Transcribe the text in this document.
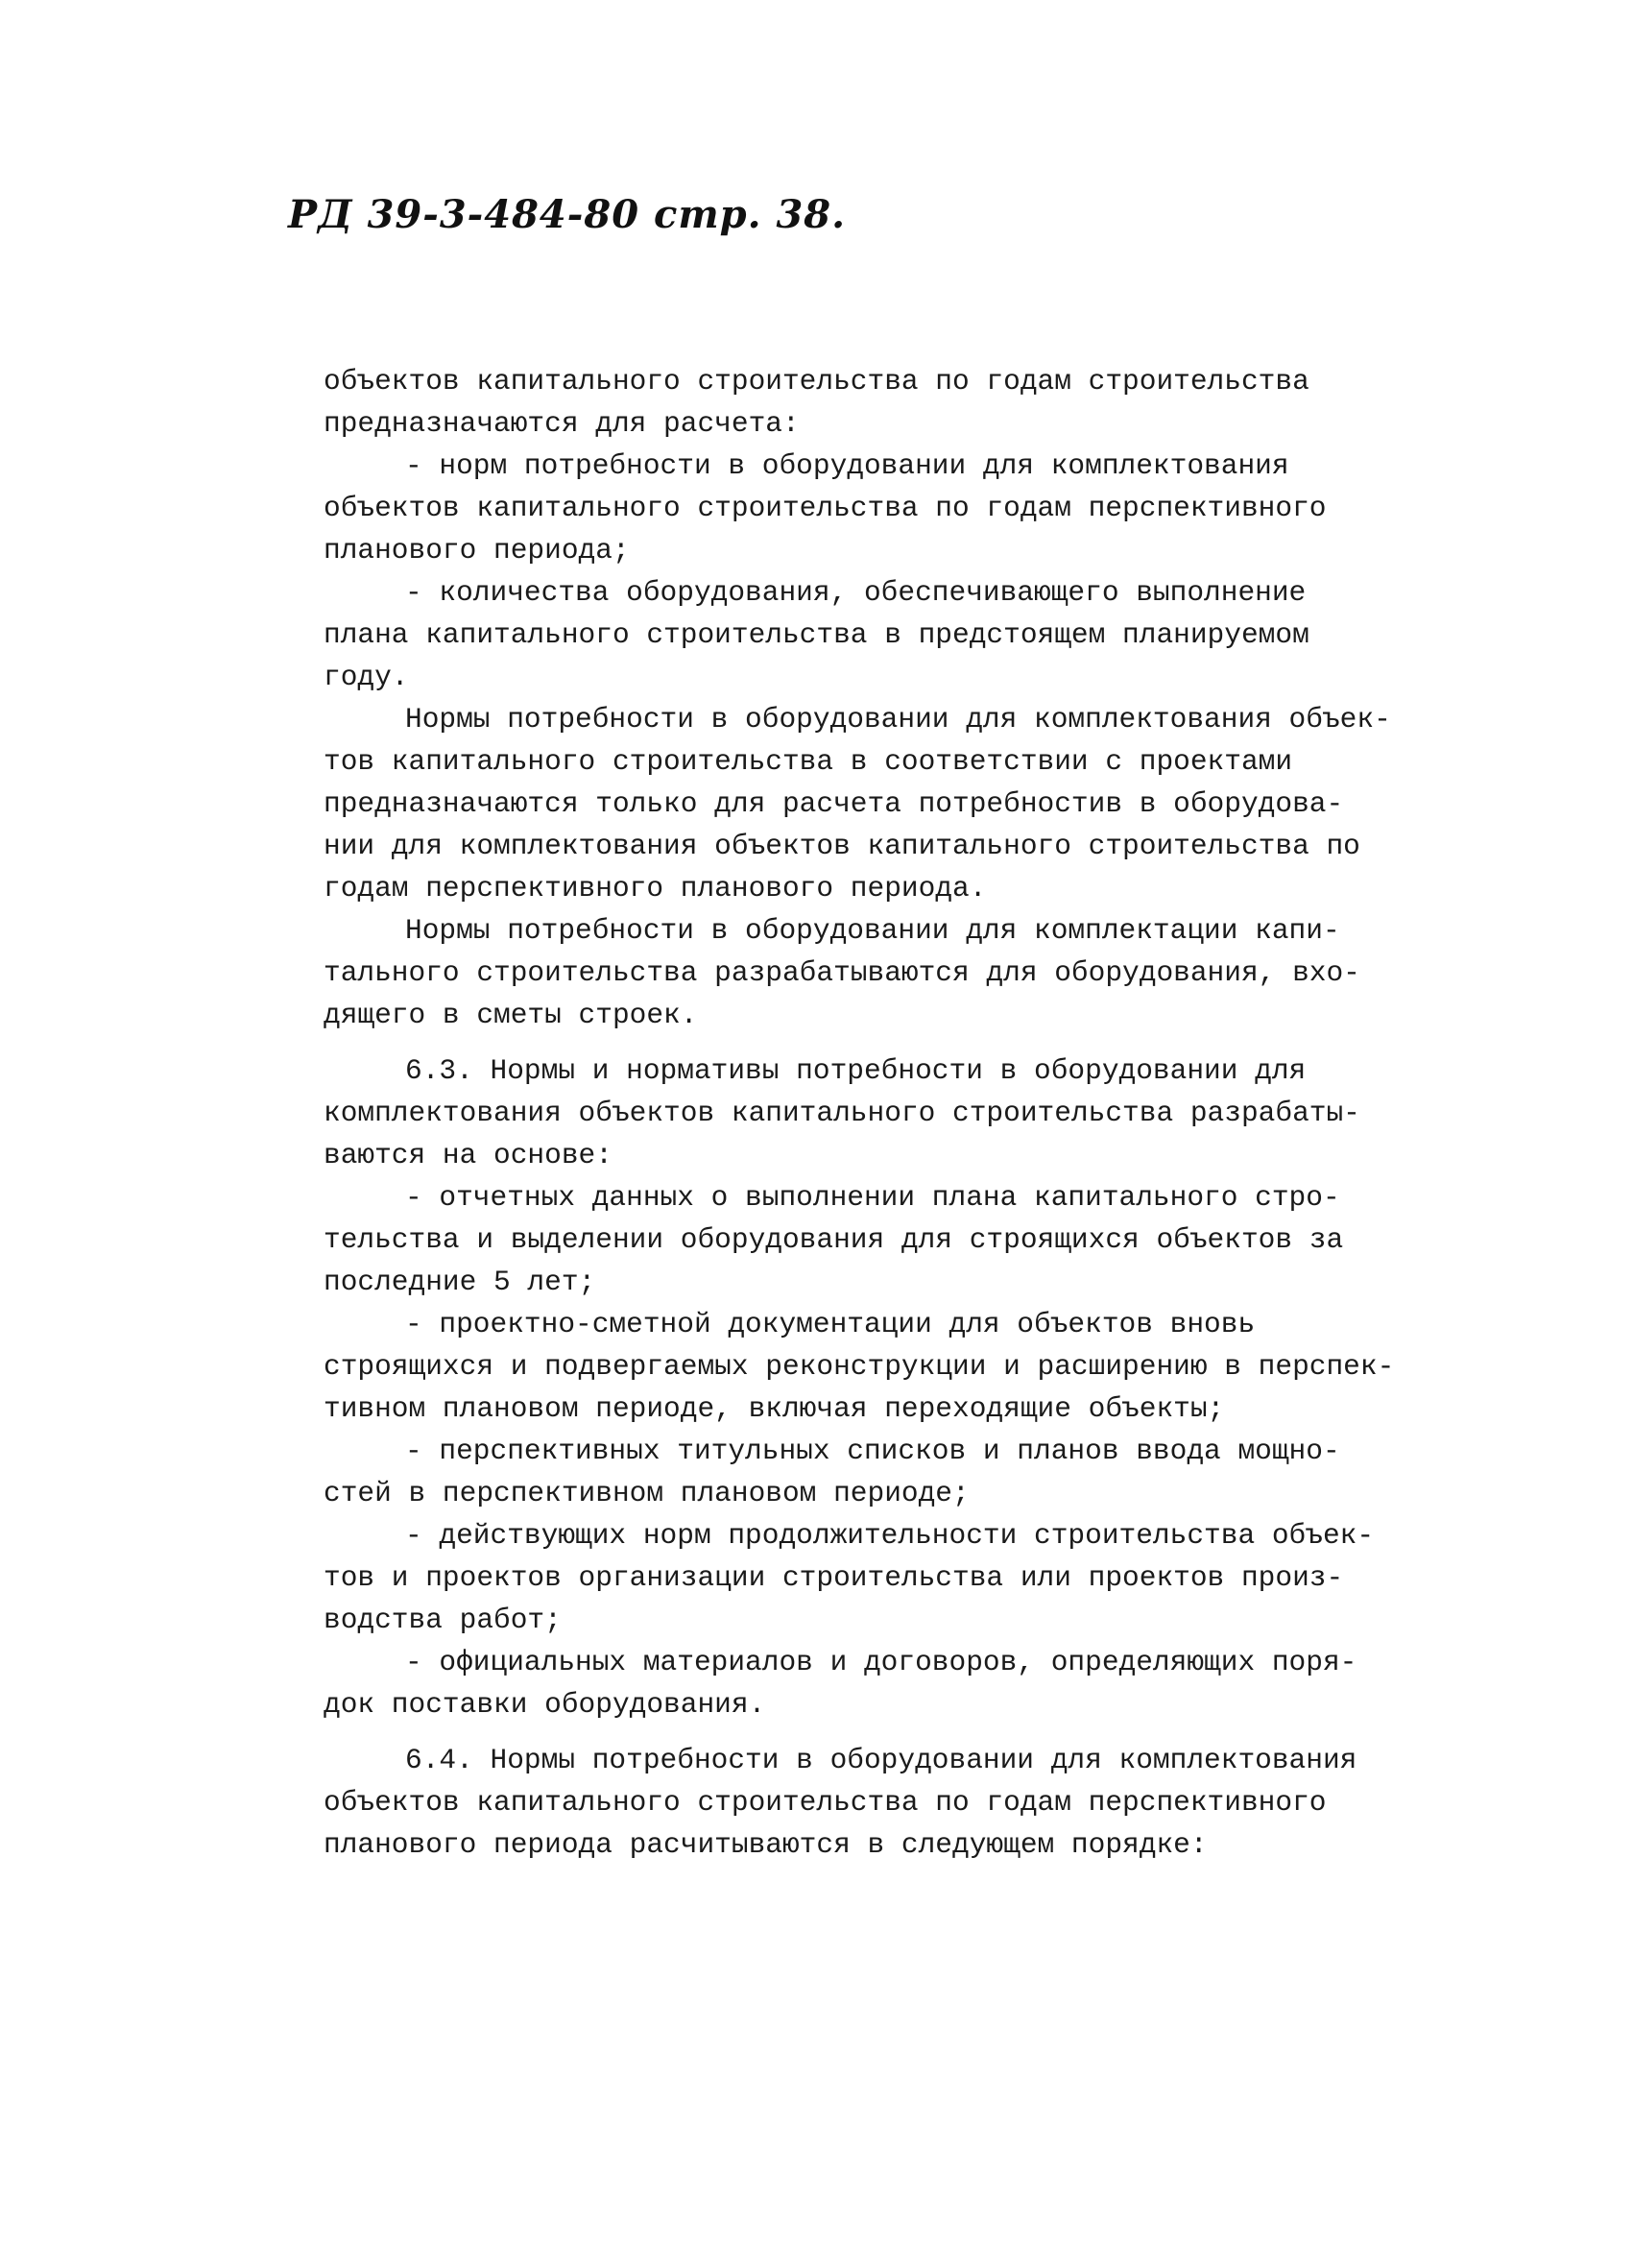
РД 39-3-484-80 стр. 38.
объектов капитального строительства по годам строительства
предназначаются для расчета:
- норм потребности в оборудовании для комплектования
объектов капитального строительства по годам перспективного
планового периода;
- количества оборудования, обеспечивающего выполнение
плана капитального строительства в предстоящем планируемом
году.
Нормы потребности в оборудовании для комплектования объек-
тов капитального строительства в соответствии с проектами
предназначаются только для расчета потребностив в оборудова-
нии для комплектования объектов капитального строительства по
годам перспективного планового периода.
Нормы потребности в оборудовании для комплектации капи-
тального строительства разрабатываются для оборудования, вхо-
дящего в сметы строек.
6.3. Нормы и нормативы потребности в оборудовании для
комплектования объектов капитального строительства разрабаты-
ваются на основе:
- отчетных данных о выполнении плана капитального стро-
тельства и выделении оборудования для строящихся объектов за
последние 5 лет;
- проектно-сметной документации для объектов вновь
строящихся и подвергаемых реконструкции и расширению в перспек-
тивном плановом периоде, включая переходящие объекты;
- перспективных титульных списков и планов ввода мощно-
стей в перспективном плановом периоде;
- действующих норм продолжительности строительства объек-
тов и проектов организации строительства или проектов произ-
водства работ;
- официальных материалов и договоров, определяющих поря-
док поставки оборудования.
6.4. Нормы потребности в оборудовании для комплектования
объектов капитального строительства по годам перспективного
планового периода расчитываются в следующем порядке:
